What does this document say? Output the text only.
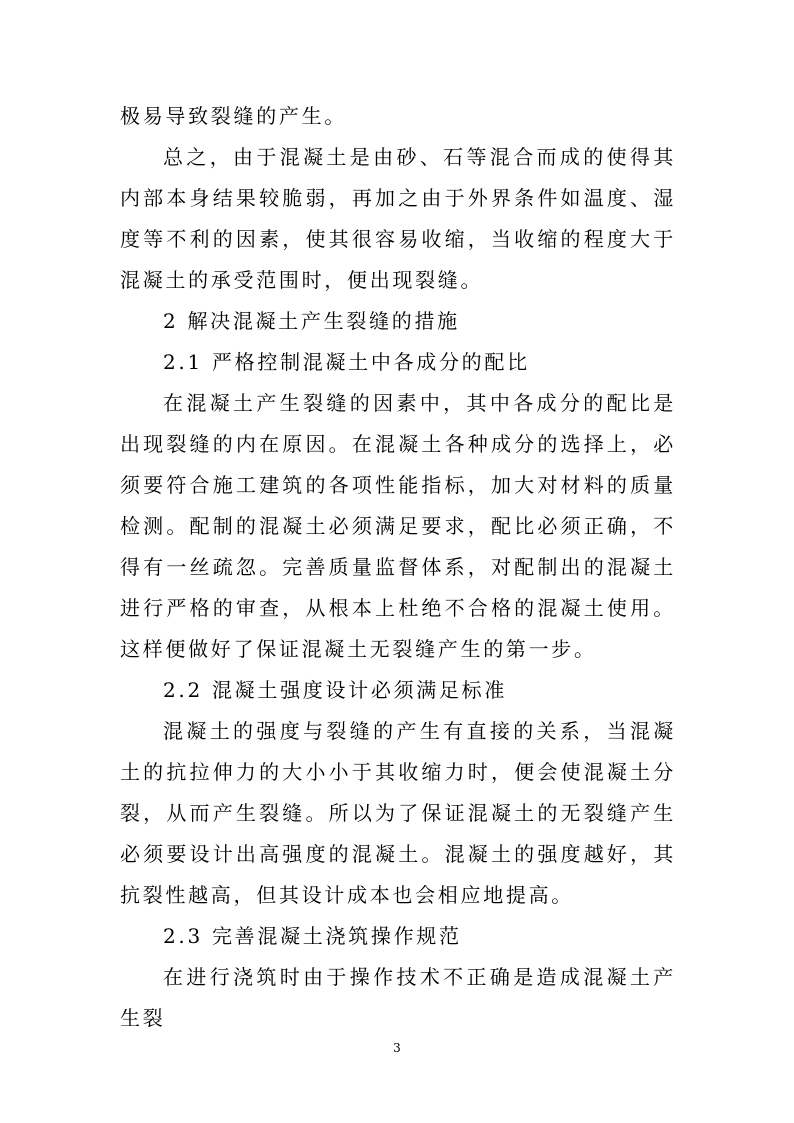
极易导致裂缝的产生。

总之，由于混凝土是由砂、石等混合而成的使得其内部本身结果较脆弱，再加之由于外界条件如温度、湿度等不利的因素，使其很容易收缩，当收缩的程度大于混凝土的承受范围时，便出现裂缝。

2 解决混凝土产生裂缝的措施

2.1 严格控制混凝土中各成分的配比

在混凝土产生裂缝的因素中，其中各成分的配比是出现裂缝的内在原因。在混凝土各种成分的选择上，必须要符合施工建筑的各项性能指标，加大对材料的质量检测。配制的混凝土必须满足要求，配比必须正确，不得有一丝疏忽。完善质量监督体系，对配制出的混凝土进行严格的审查，从根本上杜绝不合格的混凝土使用。这样便做好了保证混凝土无裂缝产生的第一步。

2.2 混凝土强度设计必须满足标准

混凝土的强度与裂缝的产生有直接的关系，当混凝土的抗拉伸力的大小小于其收缩力时，便会使混凝土分裂，从而产生裂缝。所以为了保证混凝土的无裂缝产生必须要设计出高强度的混凝土。混凝土的强度越好，其抗裂性越高，但其设计成本也会相应地提高。

2.3 完善混凝土浇筑操作规范

在进行浇筑时由于操作技术不正确是造成混凝土产生裂

3
